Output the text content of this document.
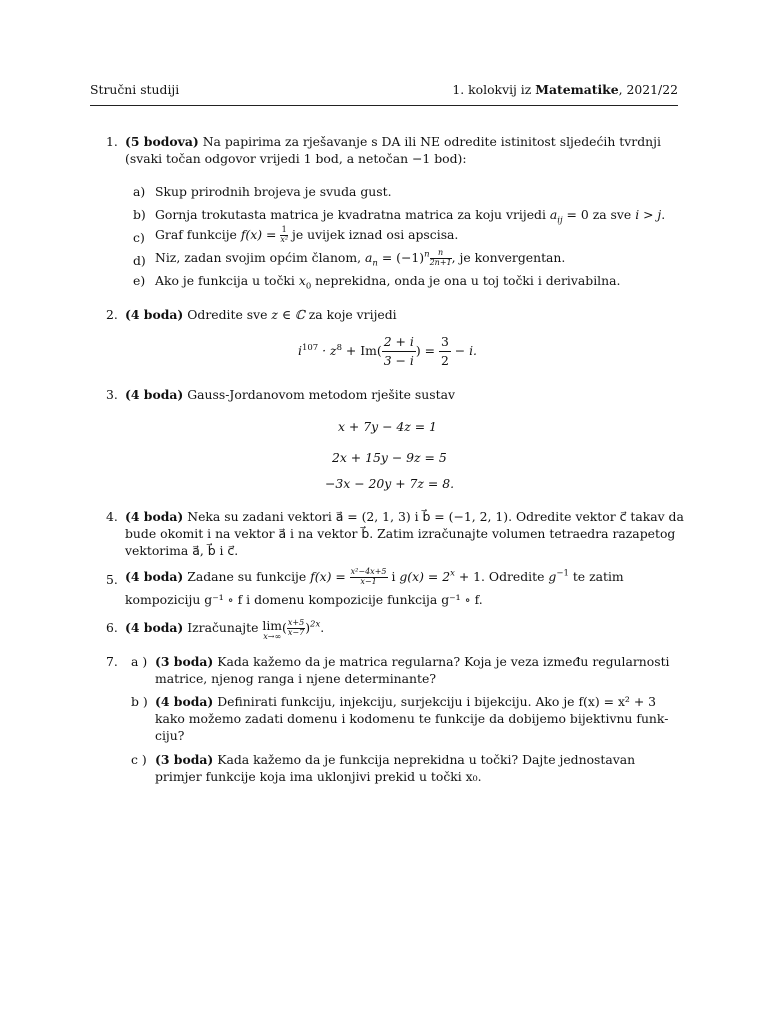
Stručni studiji	1. kolokvij iz Matematike, 2021/22
1. (5 bodova) Na papirima za rješavanje s DA ili NE odredite istinitost sljedećih tvrdnji
(svaki točan odgovor vrijedi 1 bod, a netočan −1 bod):
a) Skup prirodnih brojeva je svuda gust.
b) Gornja trokutasta matrica je kvadratna matrica za koju vrijedi $a_{ij} = 0$ za sve i > j.
c) Graf funkcije $f(x) = \frac{1}{\text{x²}}$ je uvijek iznad osi apscisa.
d) Niz, zadan svojim općim članom, $a_n = (-1)^n \frac{n}{2n+1}$ , je konvergentan.
e) Ako je funkcija u točki $x_0$ neprekidna, onda je ona u toj točki i derivabilna.
2. (4 boda) Odredite sve z ∈ ℂ za koje vrijedi
$i^{107} \cdot z^8 + Im( \frac{2 + i}{3 - i}$ ) = $\frac{3}{2} - i$.
3. (4 boda) Gauss-Jordanovom metodom rješite sustav
x + 7y − 4z = 1
2x + 15y − 9z = 5
−3x − 20y + 7z = 8.
4. (4 boda) Neka su zadani vektori a⃗ = (2, 1, 3) i b⃗ = (−1, 2, 1). Odredite vektor c⃗ takav da
bude okomit i na vektor a⃗ i na vektor b⃗. Zatim izračunajte volumen tetraedra razapetog
vektorima a⃗, b⃗ i c⃗.
5. (4 boda) Zadane su funkcije $f(x) = \frac{\text{x²−4x+5}}{x-1}$ i $g(x) = 2^x + 1$. Odredite $g^{-1}$ te zatim
kompoziciju g⁻¹ ∘ f i domenu kompozicije funkcija g⁻¹ ∘ f.
6. (4 boda) Izračunajte lim
x→∞
( $\frac{x+5}{x-7} )^{2x}$.
7. a ) (3 boda) Kada kažemo da je matrica regularna? Koja je veza između regularnosti
matrice, njenog ranga i njene determinante?
b ) (4 boda) Definirati funkciju, injekciju, surjekciju i bijekciju. Ako je f(x) = x² + 3
kako možemo zadati domenu i kodomenu te funkcije da dobijemo bijektivnu funk-
ciju?
c ) (3 boda) Kada kažemo da je funkcija neprekidna u točki? Dajte jednostavan
primjer funkcije koja ima uklonjivi prekid u točki x₀.
